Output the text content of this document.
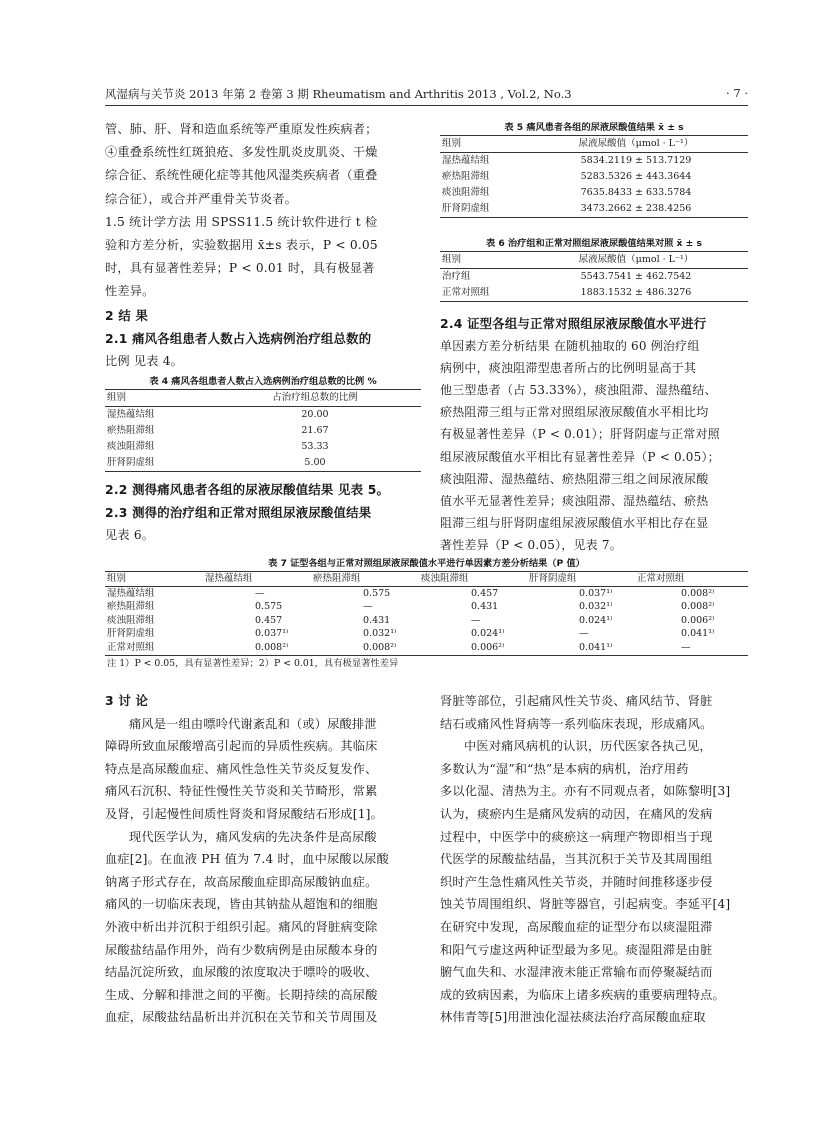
风湿病与关节炎 2013 年第 2 卷第 3 期 Rheumatism and Arthritis 2013 , Vol.2, No.3	· 7 ·
管、肺、肝、肾和造血系统等严重原发性疾病者；
④重叠系统性红斑狼疮、多发性肌炎皮肌炎、干燥
综合征、系统性硬化症等其他风湿类疾病者（重叠
综合征），或合并严重骨关节炎者。
1.5 统计学方法 用 SPSS11.5 统计软件进行 t 检
验和方差分析，实验数据用 x̄±s 表示，P < 0.05
时，具有显著性差异；P < 0.01 时，具有极显著
性差异。
2 结 果
2.1 痛风各组患者人数占入选病例治疗组总数的
比例 见表 4。
表 4 痛风各组患者人数占入选病例治疗组总数的比例 %
组别	占治疗组总数的比例
湿热蕴结组	20.00
瘀热阻滞组	21.67
痰浊阻滞组	53.33
肝肾阴虚组	5.00
2.2 测得痛风患者各组的尿液尿酸值结果 见表 5。
2.3 测得的治疗组和正常对照组尿液尿酸值结果
见表 6。
表 5 痛风患者各组的尿液尿酸值结果 x̄ ± s
组别	尿液尿酸值（μmol · L⁻¹）
湿热蕴结组	5834.2119 ± 513.7129
瘀热阻滞组	5283.5326 ± 443.3644
痰浊阻滞组	7635.8433 ± 633.5784
肝肾阴虚组	3473.2662 ± 238.4256
表 6 治疗组和正常对照组尿液尿酸值结果对照 x̄ ± s
组别	尿液尿酸值（μmol · L⁻¹）
治疗组	5543.7541 ± 462.7542
正常对照组	1883.1532 ± 486.3276
2.4 证型各组与正常对照组尿液尿酸值水平进行
单因素方差分析结果 在随机抽取的 60 例治疗组
病例中，痰浊阻滞型患者所占的比例明显高于其
他三型患者（占 53.33%），痰浊阻滞、湿热蕴结、
瘀热阻滞三组与正常对照组尿液尿酸值水平相比均
有极显著性差异（P < 0.01）；肝肾阴虚与正常对照
组尿液尿酸值水平相比有显著性差异（P < 0.05）；
痰浊阻滞、湿热蕴结、瘀热阻滞三组之间尿液尿酸
值水平无显著性差异；痰浊阻滞、湿热蕴结、瘀热
阻滞三组与肝肾阴虚组尿液尿酸值水平相比存在显
著性差异（P < 0.05），见表 7。
表 7 证型各组与正常对照组尿液尿酸值水平进行单因素方差分析结果（P 值）
组别	湿热蕴结组	瘀热阻滞组	痰浊阻滞组	肝肾阴虚组	正常对照组
湿热蕴结组	—	0.575	0.457	0.037¹⁾	0.008²⁾
瘀热阻滞组	0.575	—	0.431	0.032¹⁾	0.008²⁾
痰浊阻滞组	0.457	0.431	—	0.024¹⁾	0.006²⁾
肝肾阴虚组	0.037¹⁾	0.032¹⁾	0.024¹⁾	—	0.041¹⁾
正常对照组	0.008²⁾	0.008²⁾	0.006²⁾	0.041¹⁾	—
注 1）P < 0.05，具有显著性差异；2）P < 0.01，具有极显著性差异
3 讨 论
痛风是一组由嘌呤代谢紊乱和（或）尿酸排泄
障碍所致血尿酸增高引起而的异质性疾病。其临床
特点是高尿酸血症、痛风性急性关节炎反复发作、
痛风石沉积、特征性慢性关节炎和关节畸形，常累
及肾，引起慢性间质性肾炎和肾尿酸结石形成[1]。
现代医学认为，痛风发病的先决条件是高尿酸
血症[2]。在血液 PH 值为 7.4 时，血中尿酸以尿酸
钠离子形式存在，故高尿酸血症即高尿酸钠血症。
痛风的一切临床表现，皆由其钠盐从超饱和的细胞
外液中析出并沉积于组织引起。痛风的肾脏病变除
尿酸盐结晶作用外，尚有少数病例是由尿酸本身的
结晶沉淀所致，血尿酸的浓度取决于嘌呤的吸收、
生成、分解和排泄之间的平衡。长期持续的高尿酸
血症，尿酸盐结晶析出并沉积在关节和关节周围及
肾脏等部位，引起痛风性关节炎、痛风结节、肾脏
结石或痛风性肾病等一系列临床表现，形成痛风。
中医对痛风病机的认识，历代医家各执己见，
多数认为“湿”和“热”是本病的病机，治疗用药
多以化湿、清热为主。亦有不同观点者，如陈黎明[3]
认为，痰瘀内生是痛风发病的动因，在痛风的发病
过程中，中医学中的痰瘀这一病理产物即相当于现
代医学的尿酸盐结晶，当其沉积于关节及其周围组
织时产生急性痛风性关节炎，并随时间推移逐步侵
蚀关节周围组织、肾脏等器官，引起病变。李延平[4]
在研究中发现，高尿酸血症的证型分布以痰湿阻滞
和阳气亏虚这两种证型最为多见。痰湿阻滞是由脏
腑气血失和、水湿津液未能正常输布而停聚凝结而
成的致病因素，为临床上诸多疾病的重要病理特点。
林伟青等[5]用泄浊化湿祛痰法治疗高尿酸血症取
